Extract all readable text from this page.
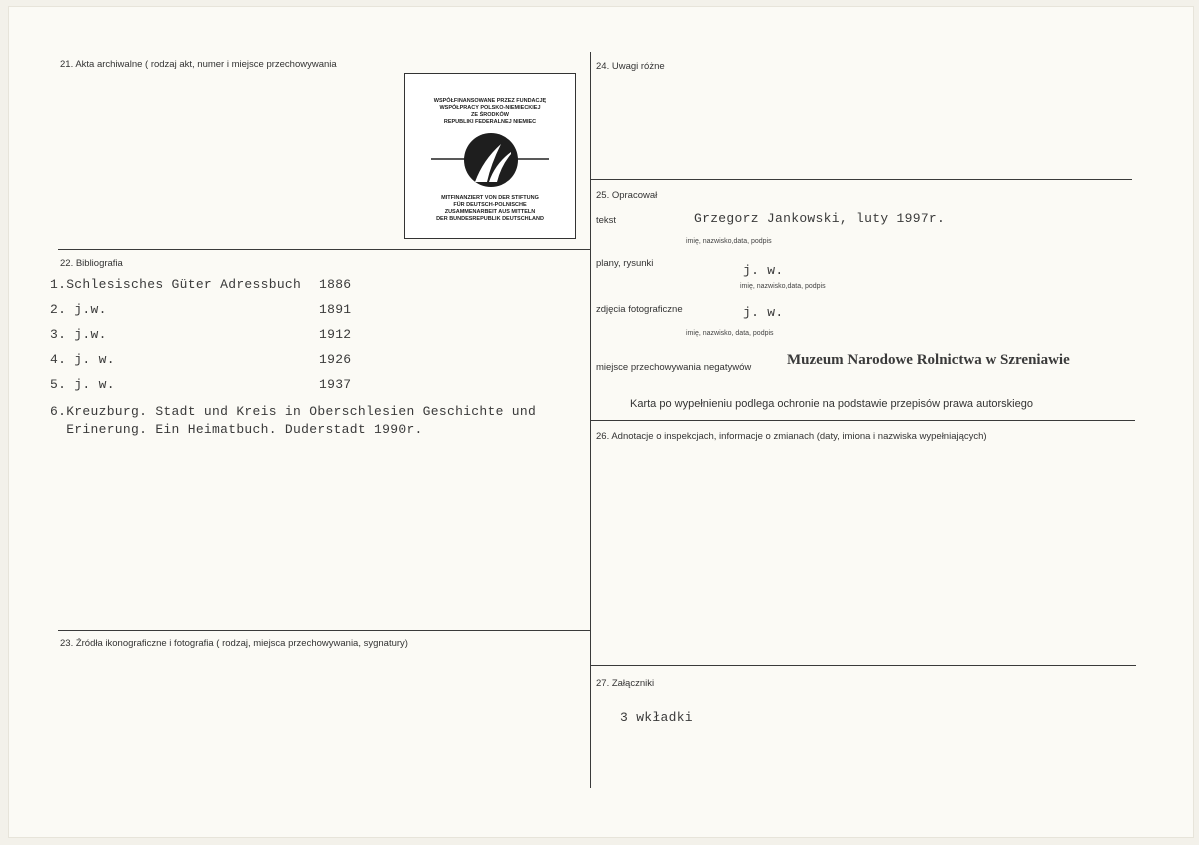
21. Akta archiwalne ( rodzaj akt, numer i miejsce przechowywania
22. Bibliografia
23. Źródła ikonograficzne i fotografia ( rodzaj, miejsca przechowywania, sygnatury)
24. Uwagi różne
25. Opracował
26. Adnotacje o inspekcjach, informacje o zmianach (daty, imiona i nazwiska wypełniających)
27. Załączniki
WSPÓŁFINANSOWANE PRZEZ FUNDACJĘ
WSPÓŁPRACY POLSKO-NIEMIECKIEJ
ZE ŚRODKÓW
REPUBLIKI FEDERALNEJ NIEMIEC
MITFINANZIERT VON DER STIFTUNG
FÜR DEUTSCH-POLNISCHE
ZUSAMMENARBEIT AUS MITTELN
DER BUNDESREPUBLIK DEUTSCHLAND
1.Schlesisches Güter Adressbuch 1886
2. j.w.	1891
3. j.w.	1912
4. j. w.	1926
5. j. w.	1937
6.Kreuzburg. Stadt und Kreis in Oberschlesien Geschichte und
Erinerung. Ein Heimatbuch. Duderstadt 1990r.
tekst	Grzegorz Jankowski, luty 1997r.
imię, nazwisko,data, podpis
plany, rysunki	j. w.
imię, nazwisko,data, podpis
zdjęcia fotograficzne	j. w.
imię, nazwisko, data, podpis
miejsce przechowywania negatywów Muzeum Narodowe Rolnictwa w Szreniawie
Karta po wypełnieniu podlega ochronie na podstawie przepisów prawa autorskiego
3 wkładki
